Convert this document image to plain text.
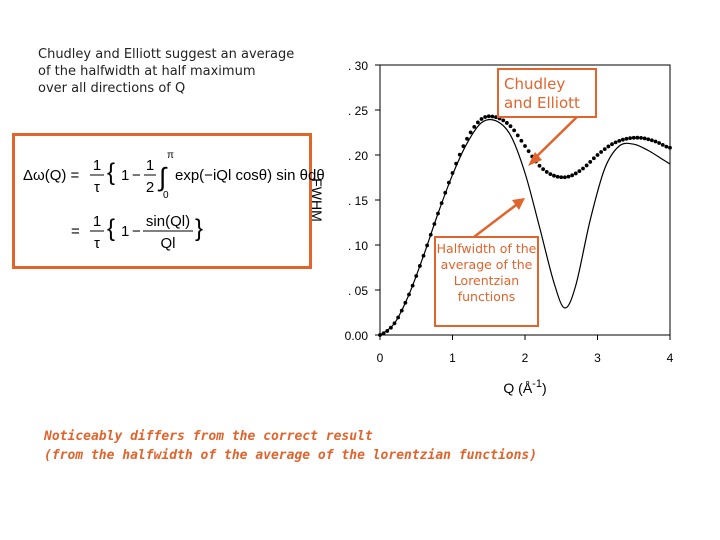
Chudley and Elliott suggest an average
of the halfwidth at half maximum
over all directions of Q
Δω(Q) =
1
τ
{ 1 −
1
2 ∫
π
0
exp(−iQl cosθ) sin θdθ
=
1
τ
{ 1 −
sin(Ql)
Ql
}
0.00
. 05
. 10
. 15
. 20
. 25
. 30
0	1	2	3	4
FWHM
Q $(Å^{-1})$
Chudley and Elliott
Halfwidth of the average of the Lorentzian functions
Noticeably differs from the correct result
(from the halfwidth of the average of the lorentzian functions)
